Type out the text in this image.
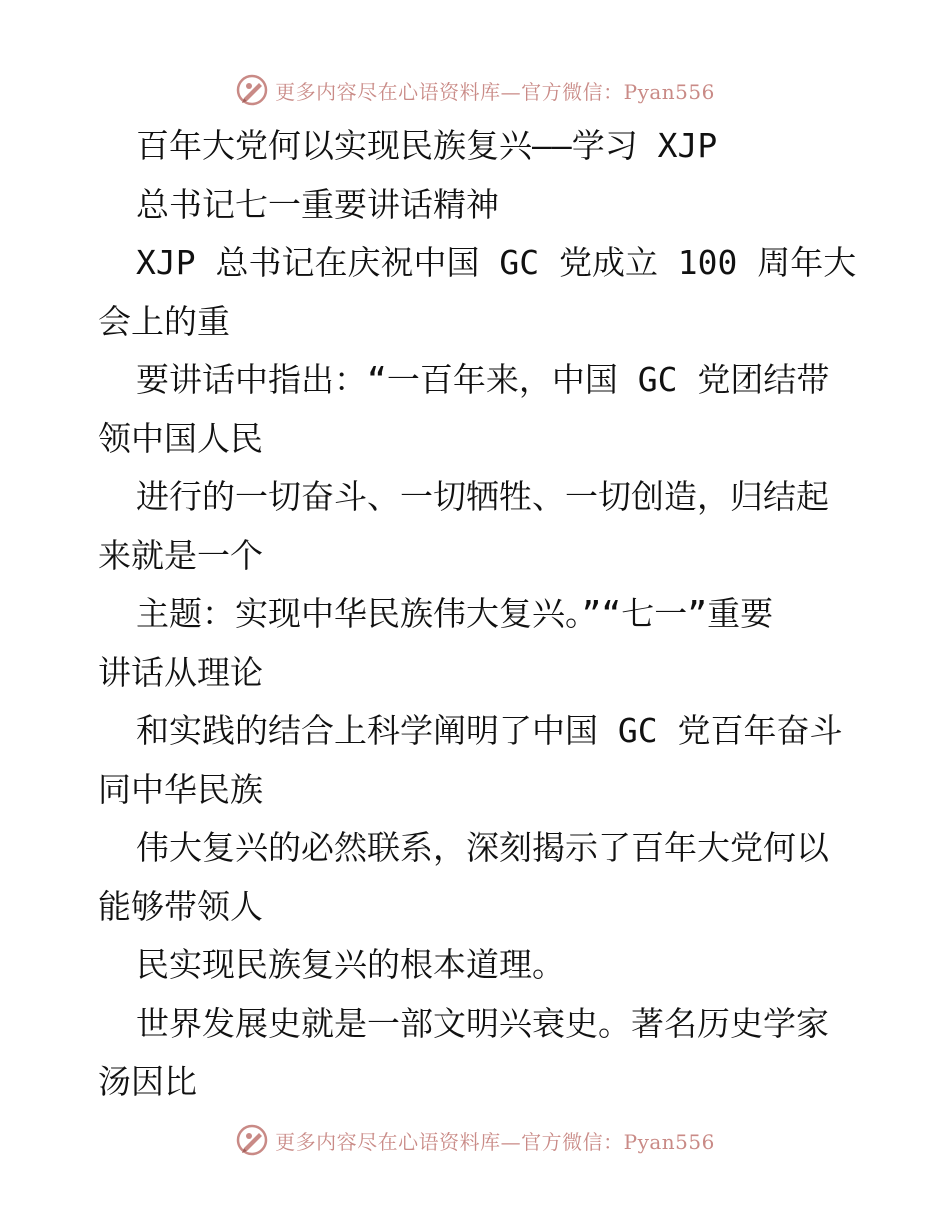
更多内容尽在心语资料库—官方微信：Pyan556
百年大党何以实现民族复兴——学习 XJP
总书记七一重要讲话精神
XJP 总书记在庆祝中国 GC 党成立 100 周年大
会上的重
要讲话中指出：“一百年来，中国 GC 党团结带
领中国人民
进行的一切奋斗、一切牺牲、一切创造，归结起
来就是一个
主题：实现中华民族伟大复兴。”“七一”重要
讲话从理论
和实践的结合上科学阐明了中国 GC 党百年奋斗
同中华民族
伟大复兴的必然联系，深刻揭示了百年大党何以
能够带领人
民实现民族复兴的根本道理。
世界发展史就是一部文明兴衰史。著名历史学家
汤因比
更多内容尽在心语资料库—官方微信：Pyan556
